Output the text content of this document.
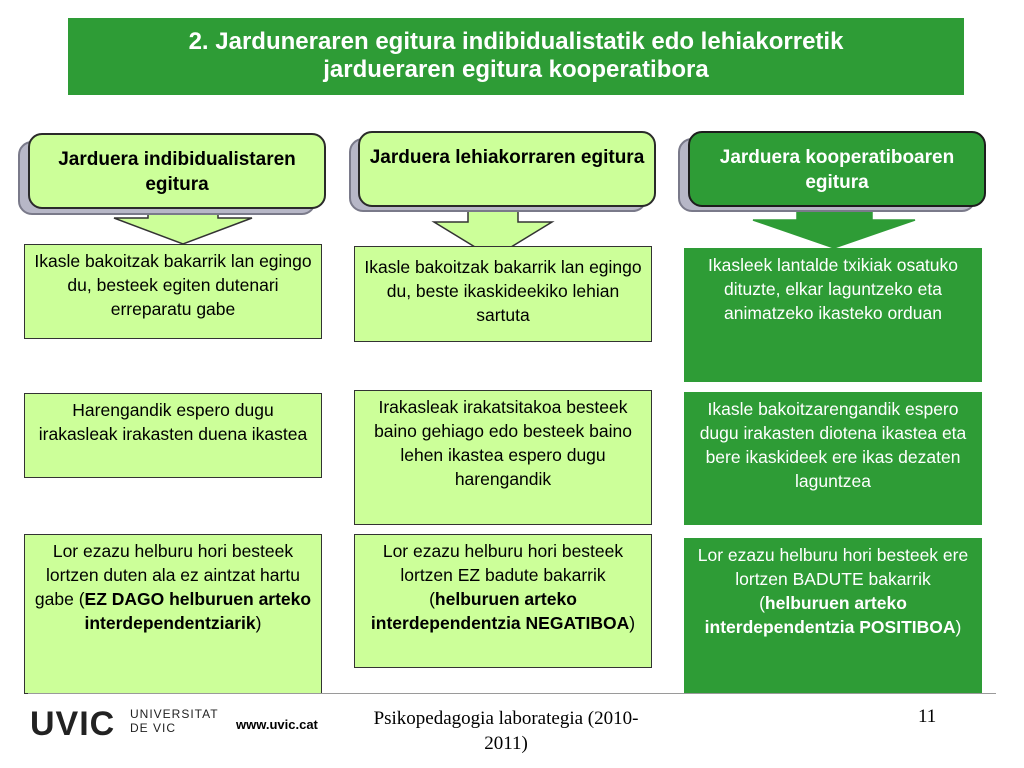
2. Jarduneraren egitura indibidualistatik edo lehiakorretik
jardueraren egitura kooperatibora
Jarduera indibidualistaren egitura
Jarduera lehiakorraren egitura	Jarduera kooperatiboaren egitura
Ikasle bakoitzak bakarrik lan egingo du, besteek egiten dutenari erreparatu gabe
Ikasle bakoitzak bakarrik lan egingo du, beste ikaskideekiko lehian sartuta
Ikasleek lantalde txikiak osatuko dituzte, elkar laguntzeko eta animatzeko ikasteko orduan
Harengandik espero dugu irakasleak irakasten duena ikastea
Irakasleak irakatsitakoa besteek baino gehiago edo besteek baino lehen ikastea espero dugu harengandik
Ikasle bakoitzarengandik espero dugu irakasten diotena ikastea eta bere ikaskideek ere ikas dezaten laguntzea
Lor ezazu helburu hori besteek lortzen duten ala ez aintzat hartu gabe (EZ DAGO helburuen arteko interdependentziarik)
Lor ezazu helburu hori besteek lortzen EZ badute bakarrik (helburuen arteko interdependentzia NEGATIBOA)
Lor ezazu helburu hori besteek ere lortzen BADUTE bakarrik (helburuen arteko interdependentzia POSITIBOA)
UVIC UNIVERSITAT
DE VIC	www.uvic.cat	Psikopedagogia laborategia (2010-2011)
11
